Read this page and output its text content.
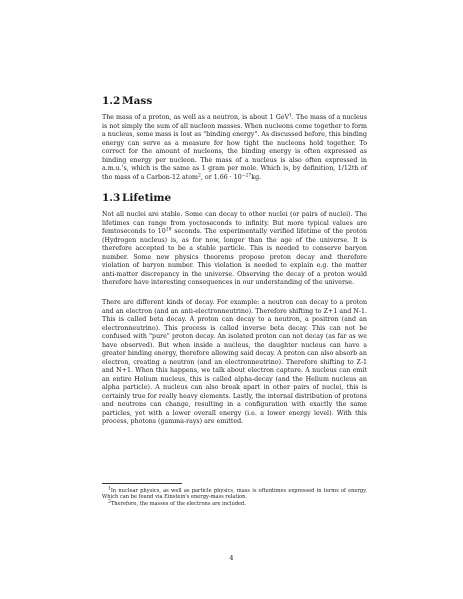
1.2 Mass

The mass of a proton, as well as a neutron, is about 1 GeV$^1$. The mass of a nucleus is not simply the sum of all nucleon masses. When nucleons come together to form a nucleus, some mass is lost as "binding energy". As discussed before, this binding energy can serve as a measure for how tight the nucleons hold together. To correct for the amount of nucleons, the binding energy is often expressed as binding energy per nucleon. The mass of a nucleus is also often expressed in a.m.u.'s, which is the same as 1 gram per mole. Which is, by definition, 1/12th of the mass of a Carbon-12 atom$^2$, or $1.66 \cdot 10^{-27}kg$.

1.3 Lifetime

Not all nuclei are stable. Some can decay to other nuclei (or pairs of nuclei). The lifetimes can range from yoctoseconds to infinity. But more typical values are femtoseconds to $10^{19}$ seconds. The experimentally verified lifetime of the proton (Hydrogen nucleus) is, as for now, longer than the age of the universe. It is therefore accepted to be a stable particle. This is needed to conserve baryon number. Some new physics theorems propose proton decay and therefore violation of baryon number. This violation is needed to explain e.g. the matter anti-matter discrepancy in the universe. Observing the decay of a proton would therefore have interesting consequences in our understanding of the universe.

There are different kinds of decay. For example: a neutron can decay to a proton and an electron (and an anti-electronneutrino). Therefore shifting to Z+1 and N-1. This is called beta decay. A proton can decay to a neutron, a positron (and an electronneutrino). This process is called inverse beta decay. This can not be confused with "pure" proton decay. An isolated proton can not decay (as far as we have observed). But when inside a nucleus, the daughter nucleus can have a greater binding energy, therefore allowing said decay. A proton can also absorb an electron, creating a neutron (and an electronneutrino). Therefore shifting to Z-1 and N+1. When this happens, we talk about electron capture. A nucleus can emit an entire Helium nucleus, this is called alpha-decay (and the Helium nucleus an alpha particle). A nucleus can also break apart in other pairs of nuclei, this is certainly true for really heavy elements. Lastly, the internal distribution of protons and neutrons can change, resulting in a configuration with exactly the same particles, yet with a lower overall energy (i.e. a lower energy level). With this process, photons (gamma-rays) are emitted.

$^1$In nuclear physics, as well as particle physics, mass is oftentimes expressed in terms of energy. Which can be found via Einstein's energy-mass relation.
$^2$Therefore, the masses of the electrons are included.
4
